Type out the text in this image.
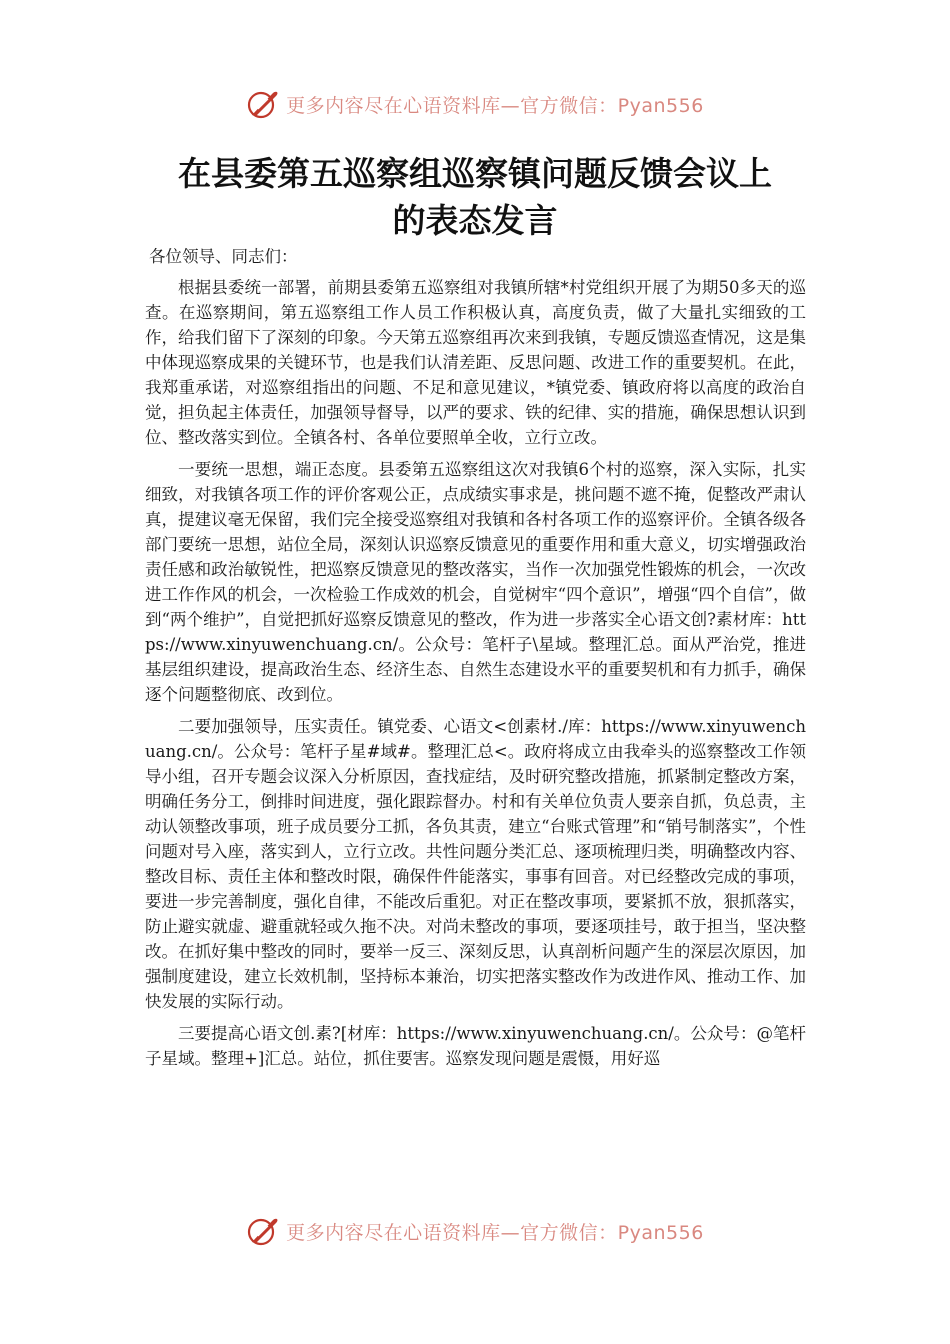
更多内容尽在心语资料库—官方微信：Pyan556
在县委第五巡察组巡察镇问题反馈会议上
的表态发言

各位领导、同志们：

根据县委统一部署，前期县委第五巡察组对我镇所辖*村党组织开展了为期50多天的巡查。在巡察期间，第五巡察组工作人员工作积极认真，高度负责，做了大量扎实细致的工作，给我们留下了深刻的印象。今天第五巡察组再次来到我镇，专题反馈巡查情况，这是集中体现巡察成果的关键环节，也是我们认清差距、反思问题、改进工作的重要契机。在此，我郑重承诺，对巡察组指出的问题、不足和意见建议，*镇党委、镇政府将以高度的政治自觉，担负起主体责任，加强领导督导，以严的要求、铁的纪律、实的措施，确保思想认识到位、整改落实到位。全镇各村、各单位要照单全收，立行立改。

一要统一思想，端正态度。县委第五巡察组这次对我镇6个村的巡察，深入实际，扎实细致，对我镇各项工作的评价客观公正，点成绩实事求是，挑问题不遮不掩，促整改严肃认真，提建议毫无保留，我们完全接受巡察组对我镇和各村各项工作的巡察评价。全镇各级各部门要统一思想，站位全局，深刻认识巡察反馈意见的重要作用和重大意义，切实增强政治责任感和政治敏锐性，把巡察反馈意见的整改落实，当作一次加强党性锻炼的机会，一次改进工作作风的机会，一次检验工作成效的机会，自觉树牢“四个意识”，增强“四个自信”，做到“两个维护”，自觉把抓好巡察反馈意见的整改，作为进一步落实全心语文创?素材库：https://www.xinyuwenchuang.cn/。公众号：笔杆子\星域。整理汇总。面从严治党，推进基层组织建设，提高政治生态、经济生态、自然生态建设水平的重要契机和有力抓手，确保逐个问题整彻底、改到位。

二要加强领导，压实责任。镇党委、心语文<创素材./库：https://www.xinyuwenchuang.cn/。公众号：笔杆子星#域#。整理汇总<。政府将成立由我牵头的巡察整改工作领导小组，召开专题会议深入分析原因，查找症结，及时研究整改措施，抓紧制定整改方案，明确任务分工，倒排时间进度，强化跟踪督办。村和有关单位负责人要亲自抓，负总责，主动认领整改事项，班子成员要分工抓，各负其责，建立“台账式管理”和“销号制落实”，个性问题对号入座，落实到人，立行立改。共性问题分类汇总、逐项梳理归类，明确整改内容、整改目标、责任主体和整改时限，确保件件能落实，事事有回音。对已经整改完成的事项，要进一步完善制度，强化自律，不能改后重犯。对正在整改事项，要紧抓不放，狠抓落实，防止避实就虚、避重就轻或久拖不决。对尚未整改的事项，要逐项挂号，敢于担当，坚决整改。在抓好集中整改的同时，要举一反三、深刻反思，认真剖析问题产生的深层次原因，加强制度建设，建立长效机制，坚持标本兼治，切实把落实整改作为改进作风、推动工作、加快发展的实际行动。

三要提高心语文创.素?[材库：https://www.xinyuwenchuang.cn/。公众号：@笔杆子星域。整理+]汇总。站位，抓住要害。巡察发现问题是震慑，用好巡

更多内容尽在心语资料库—官方微信：Pyan556
